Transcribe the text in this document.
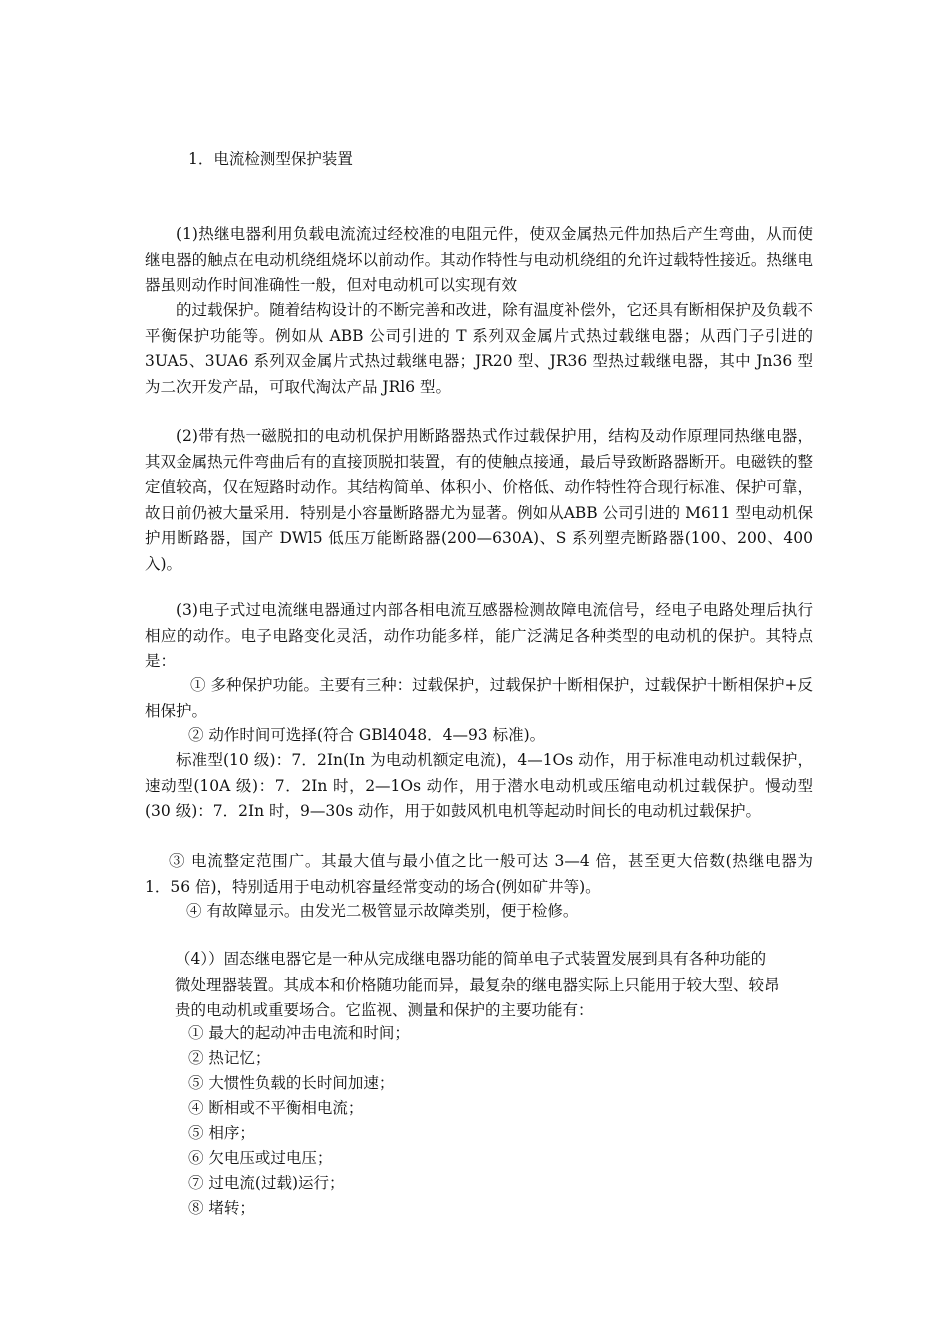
1．电流检测型保护装置

(1)热继电器利用负载电流流过经校准的电阻元件，使双金属热元件加热后产生弯曲，从而使继电器的触点在电动机绕组烧坏以前动作。其动作特性与电动机绕组的允许过载特性接近。热继电器虽则动作时间准确性一般，但对电动机可以实现有效

的过载保护。随着结构设计的不断完善和改进，除有温度补偿外，它还具有断相保护及负载不平衡保护功能等。例如从 ABB 公司引进的 T 系列双金属片式热过载继电器；从西门子引进的 3UA5、3UA6 系列双金属片式热过载继电器；JR20 型、JR36 型热过载继电器，其中 Jn36 型为二次开发产品，可取代淘汰产品 JRl6 型。

(2)带有热一磁脱扣的电动机保护用断路器热式作过载保护用，结构及动作原理同热继电器，其双金属热元件弯曲后有的直接顶脱扣装置，有的使触点接通，最后导致断路器断开。电磁铁的整定值较高，仅在短路时动作。其结构简单、体积小、价格低、动作特性符合现行标准、保护可靠，故日前仍被大量采用．特别是小容量断路器尤为显著。例如从ABB 公司引进的 M611 型电动机保护用断路器，国产 DWl5 低压万能断路器(200—630A)、S 系列塑壳断路器(100、200、400 入)。

(3)电子式过电流继电器通过内部各相电流互感器检测故障电流信号，经电子电路处理后执行相应的动作。电子电路变化灵活，动作功能多样，能广泛满足各种类型的电动机的保护。其特点是：

① 多种保护功能。主要有三种：过载保护，过载保护十断相保护，过载保护十断相保护+反相保护。

② 动作时间可选择(符合 GBl4048．4—93 标准)。

标准型(10 级)：7．2In(In 为电动机额定电流)，4—1Os 动作，用于标准电动机过载保护，速动型(10A 级)：7．2In 时，2—1Os 动作，用于潜水电动机或压缩电动机过载保护。慢动型(30 级)：7．2In 时，9—30s 动作，用于如鼓风机电机等起动时间长的电动机过载保护。

③ 电流整定范围广。其最大值与最小值之比一般可达 3—4 倍，甚至更大倍数(热继电器为 1．56 倍)，特别适用于电动机容量经常变动的场合(例如矿井等)。

④ 有故障显示。由发光二极管显示故障类别，便于检修。

（4））固态继电器它是一种从完成继电器功能的简单电子式装置发展到具有各种功能的
微处理器装置。其成本和价格随功能而异，最复杂的继电器实际上只能用于较大型、较昂
贵的电动机或重要场合。它监视、测量和保护的主要功能有：

① 最大的起动冲击电流和时间；

② 热记忆；

⑤ 大惯性负载的长时间加速；

④ 断相或不平衡相电流；

⑤ 相序；

⑥ 欠电压或过电压；

⑦ 过电流(过载)运行；

⑧ 堵转；
